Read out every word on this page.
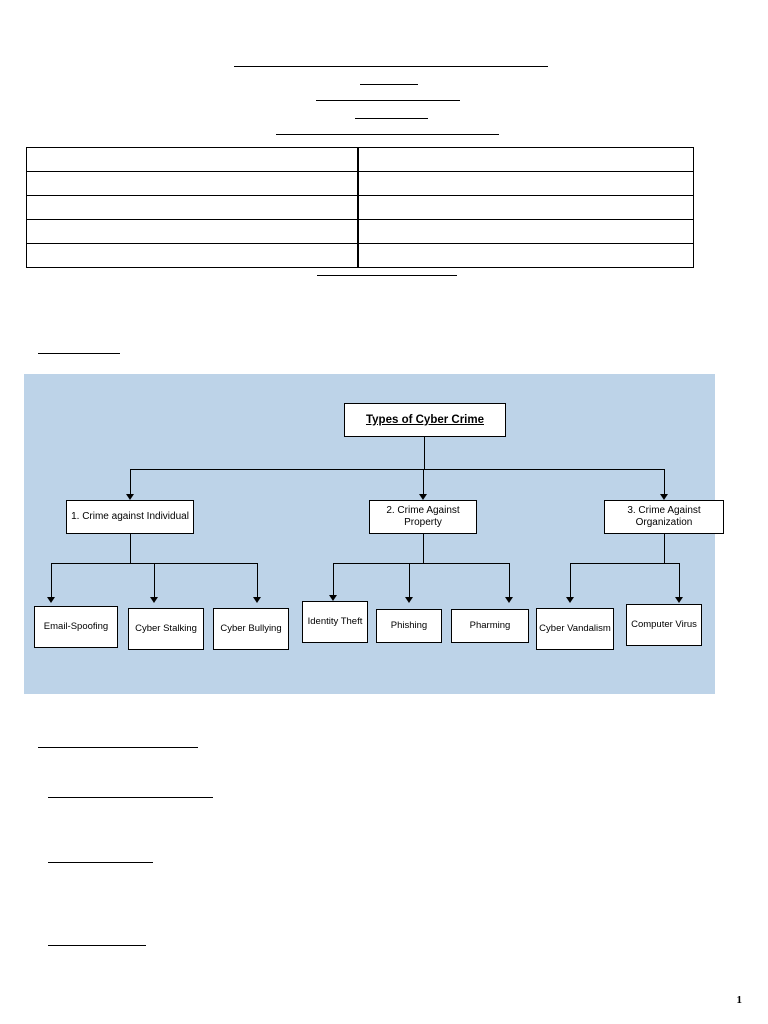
Types of Cyber Crime
1. Crime against Individual
2. Crime Against Property
3. Crime Against Organization
Email-Spoofing	Cyber Stalking Cyber Bullying
Identity Theft	Phishing	Pharming	Cyber Vandalism Computer Virus
1
